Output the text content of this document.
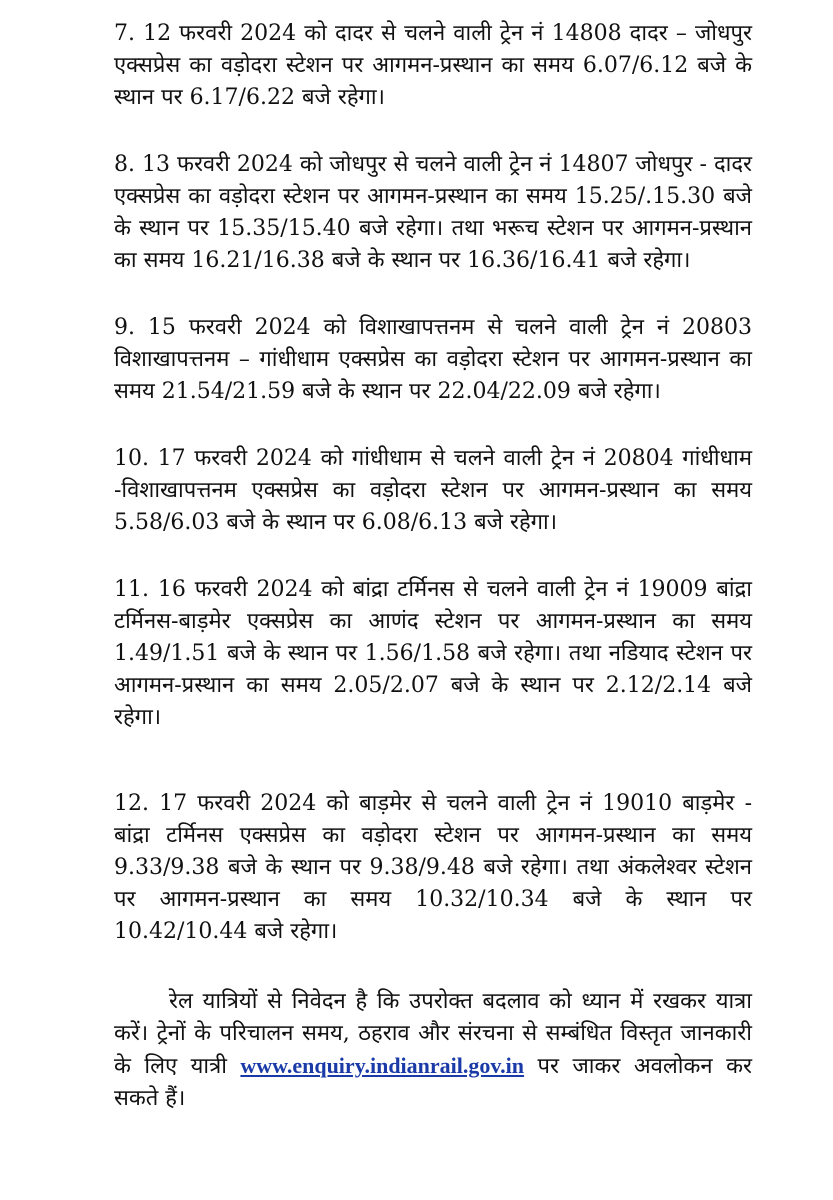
7. 12 फरवरी 2024 को दादर से चलने वाली ट्रेन नं 14808 दादर – जोधपुर एक्सप्रेस का वड़ोदरा स्टेशन पर आगमन-प्रस्थान का समय 6.07/6.12 बजे के स्थान पर 6.17/6.22 बजे रहेगा।

8. 13 फरवरी 2024 को जोधपुर से चलने वाली ट्रेन नं 14807 जोधपुर - दादर एक्सप्रेस का वड़ोदरा स्टेशन पर आगमन-प्रस्थान का समय 15.25/.15.30 बजे के स्थान पर 15.35/15.40 बजे रहेगा। तथा भरूच स्टेशन पर आगमन-प्रस्थान का समय 16.21/16.38 बजे के स्थान पर 16.36/16.41 बजे रहेगा।

9. 15 फरवरी 2024 को विशाखापत्तनम से चलने वाली ट्रेन नं 20803 विशाखापत्तनम – गांधीधाम एक्सप्रेस का वड़ोदरा स्टेशन पर आगमन-प्रस्थान का समय 21.54/21.59 बजे के स्थान पर 22.04/22.09 बजे रहेगा।

10. 17 फरवरी 2024 को गांधीधाम से चलने वाली ट्रेन नं 20804 गांधीधाम -विशाखापत्तनम एक्सप्रेस का वड़ोदरा स्टेशन पर आगमन-प्रस्थान का समय 5.58/6.03 बजे के स्थान पर 6.08/6.13 बजे रहेगा।

11. 16 फरवरी 2024 को बांद्रा टर्मिनस से चलने वाली ट्रेन नं 19009 बांद्रा टर्मिनस-बाड़मेर एक्सप्रेस का आणंद स्टेशन पर आगमन-प्रस्थान का समय 1.49/1.51 बजे के स्थान पर 1.56/1.58 बजे रहेगा। तथा नडियाद स्टेशन पर आगमन-प्रस्थान का समय 2.05/2.07 बजे के स्थान पर 2.12/2.14 बजे रहेगा।

12. 17 फरवरी 2024 को बाड़मेर से चलने वाली ट्रेन नं 19010 बाड़मेर - बांद्रा टर्मिनस एक्सप्रेस का वड़ोदरा स्टेशन पर आगमन-प्रस्थान का समय 9.33/9.38 बजे के स्थान पर 9.38/9.48 बजे रहेगा। तथा अंकलेश्वर स्टेशन पर आगमन-प्रस्थान का समय 10.32/10.34 बजे के स्थान पर 10.42/10.44 बजे रहेगा।

रेल यात्रियों से निवेदन है कि उपरोक्त बदलाव को ध्यान में रखकर यात्रा करें। ट्रेनों के परिचालन समय, ठहराव और संरचना से सम्बंधित विस्तृत जानकारी के लिए यात्री www.enquiry.indianrail.gov.in पर जाकर अवलोकन कर सकते हैं।
